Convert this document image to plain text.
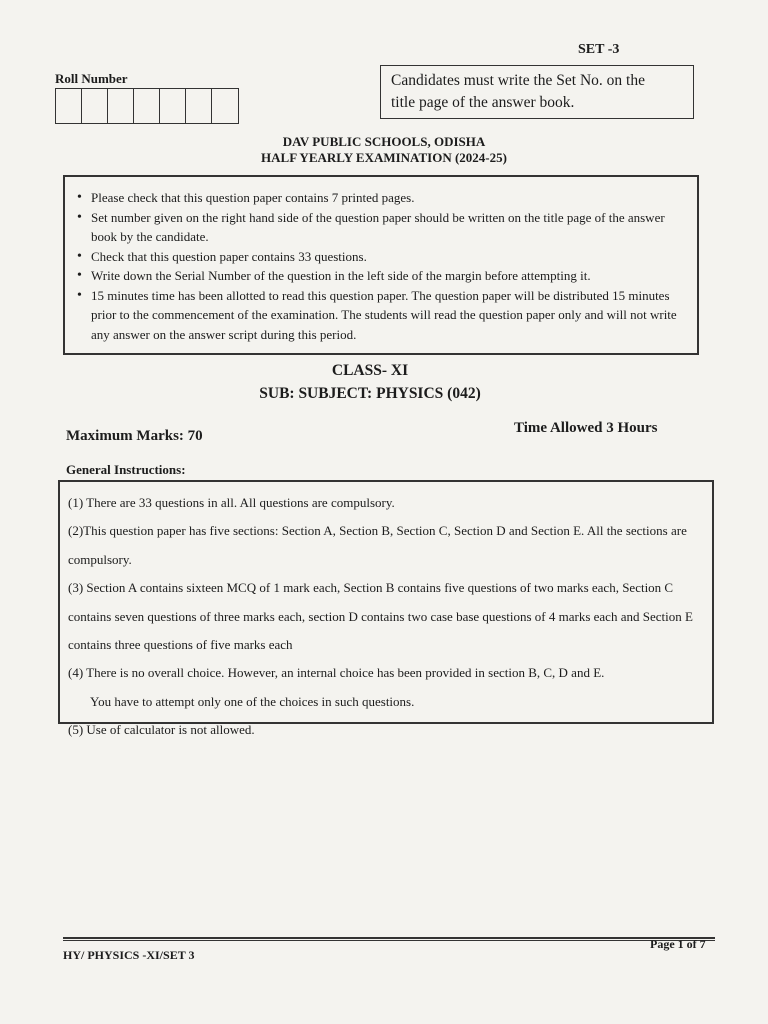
SET -3
Roll Number	Candidates must write the Set No. on the
title page of the answer book.
DAV PUBLIC SCHOOLS, ODISHA
HALF YEARLY EXAMINATION (2024-25)
• Please check that this question paper contains 7 printed pages.
• Set number given on the right hand side of the question paper should be written on the title page of the answer book by the candidate.
• Check that this question paper contains 33 questions.
• Write down the Serial Number of the question in the left side of the margin before attempting it.
• 15 minutes time has been allotted to read this question paper. The question paper will be distributed 15 minutes prior to the commencement of the examination. The students will read the question paper only and will not write any answer on the answer script during this period.
CLASS- XI
SUB: SUBJECT: PHYSICS (042)
Maximum Marks: 70	Time Allowed 3 Hours
General Instructions:

(1) There are 33 questions in all. All questions are compulsory.

(2)This question paper has five sections: Section A, Section B, Section C, Section D and Section E. All the sections are compulsory.

(3) Section A contains sixteen MCQ of 1 mark each, Section B contains five questions of two marks each, Section C contains seven questions of three marks each, section D contains two case base questions of 4 marks each and Section E contains three questions of five marks each

(4) There is no overall choice. However, an internal choice has been provided in section B, C, D and E.

You have to attempt only one of the choices in such questions.

(5) Use of calculator is not allowed.

HY/ PHYSICS -XI/SET 3
Page 1 of 7
